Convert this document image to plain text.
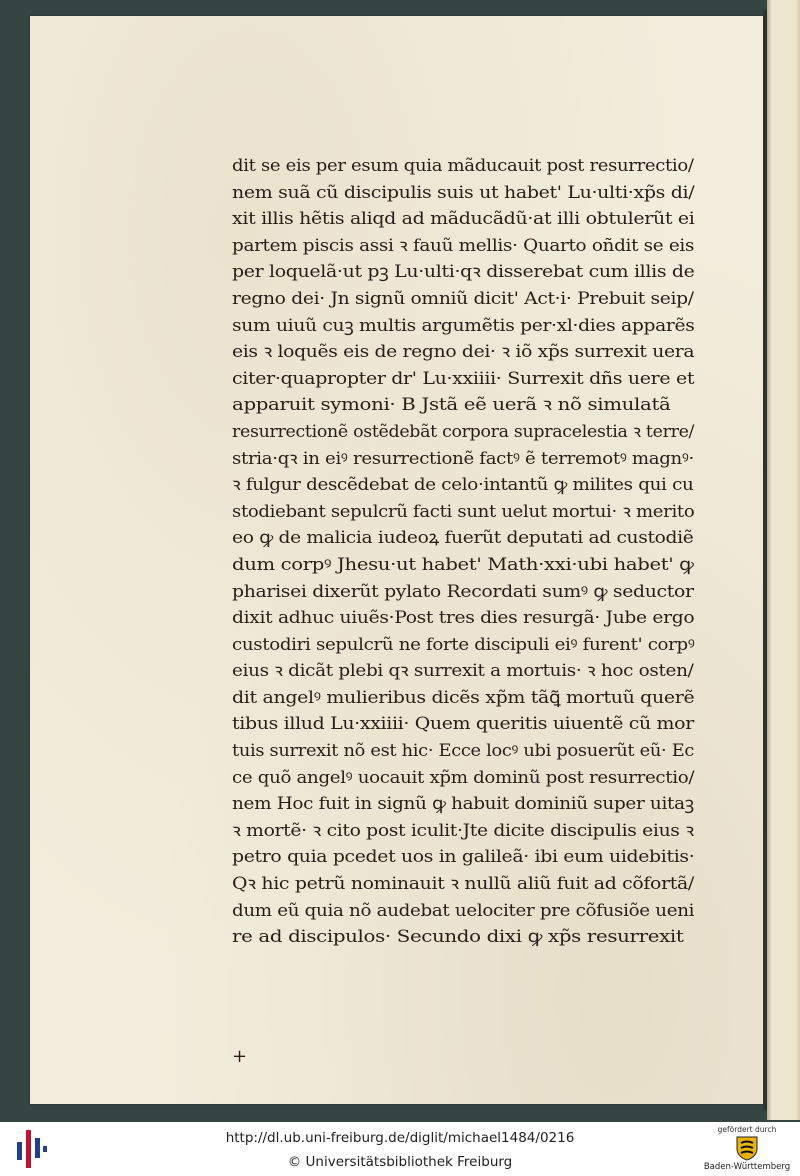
dit se eis per esum quia mãducauit post resurrectio/
nem suã cũ discipulis suis ut habet' Lu·ulti·xp̃s di/
xit illis hẽtis aliqd ad mãducãdũ·at illi obtulerũt ei
partem piscis assi ꝛ fauũ mellis· Quarto oñdit se eis
per loquelã·ut pꝫ Lu·ulti·qꝛ disserebat cum illis de
regno dei· Jn signũ omniũ dicit' Act·i· Prebuit seip/
sum uiuũ cuꝫ multis argumẽtis per·xl·dies apparẽs
eis ꝛ loquẽs eis de regno dei· ꝛ iõ xp̃s surrexit uera
citer·quapropter dr' Lu·xxiiii· Surrexit dñs uere et
apparuit symoni· B Jstã eẽ uerã ꝛ nõ simulatã
resurrectionẽ ostẽdebãt corpora supracelestia ꝛ terre/
stria·qꝛ in eiꝰ resurrectionẽ factꝰ ẽ terremotꝰ magnꝰ·
ꝛ fulgur descẽdebat de celo·intantũ ꝙ milites qui cu
stodiebant sepulcrũ facti sunt uelut mortui· ꝛ merito
eo ꝙ de malicia iudeoꝝ fuerũt deputati ad custodiẽ
dum corpꝰ Jhesu·ut habet' Math·xxi·ubi habet' ꝙ
pharisei dixerũt pylato Recordati sumꝰ ꝙ seductor
dixit adhuc uiuẽs·Post tres dies resurgã· Jube ergo
custodiri sepulcrũ ne forte discipuli eiꝰ furent' corpꝰ
eius ꝛ dicãt plebi qꝛ surrexit a mortuis· ꝛ hoc osten/
dit angelꝰ mulieribus dicẽs xp̃m tãꝗ̃ mortuũ querẽ
tibus illud Lu·xxiiii· Quem queritis uiuentẽ cũ mor
tuis surrexit nõ est hic· Ecce locꝰ ubi posuerũt eũ· Ec
ce quõ angelꝰ uocauit xp̃m dominũ post resurrectio/
nem Hoc fuit in signũ ꝙ habuit dominiũ super uitaꝫ
ꝛ mortẽ· ꝛ cito post iculit·Jte dicite discipulis eius ꝛ
petro quia pcedet uos in galileã· ibi eum uidebitis·
Qꝛ hic petrũ nominauit ꝛ nullũ aliũ fuit ad cõfortã/
dum eũ quia nõ audebat uelociter pre cõfusiõe ueni
re ad discipulos· Secundo dixi ꝙ xp̃s resurrexit
+
http://dl.ub.uni-freiburg.de/diglit/michael1484/0216
© Universitätsbibliothek Freiburg
gefördert durch
Baden-Württemberg
